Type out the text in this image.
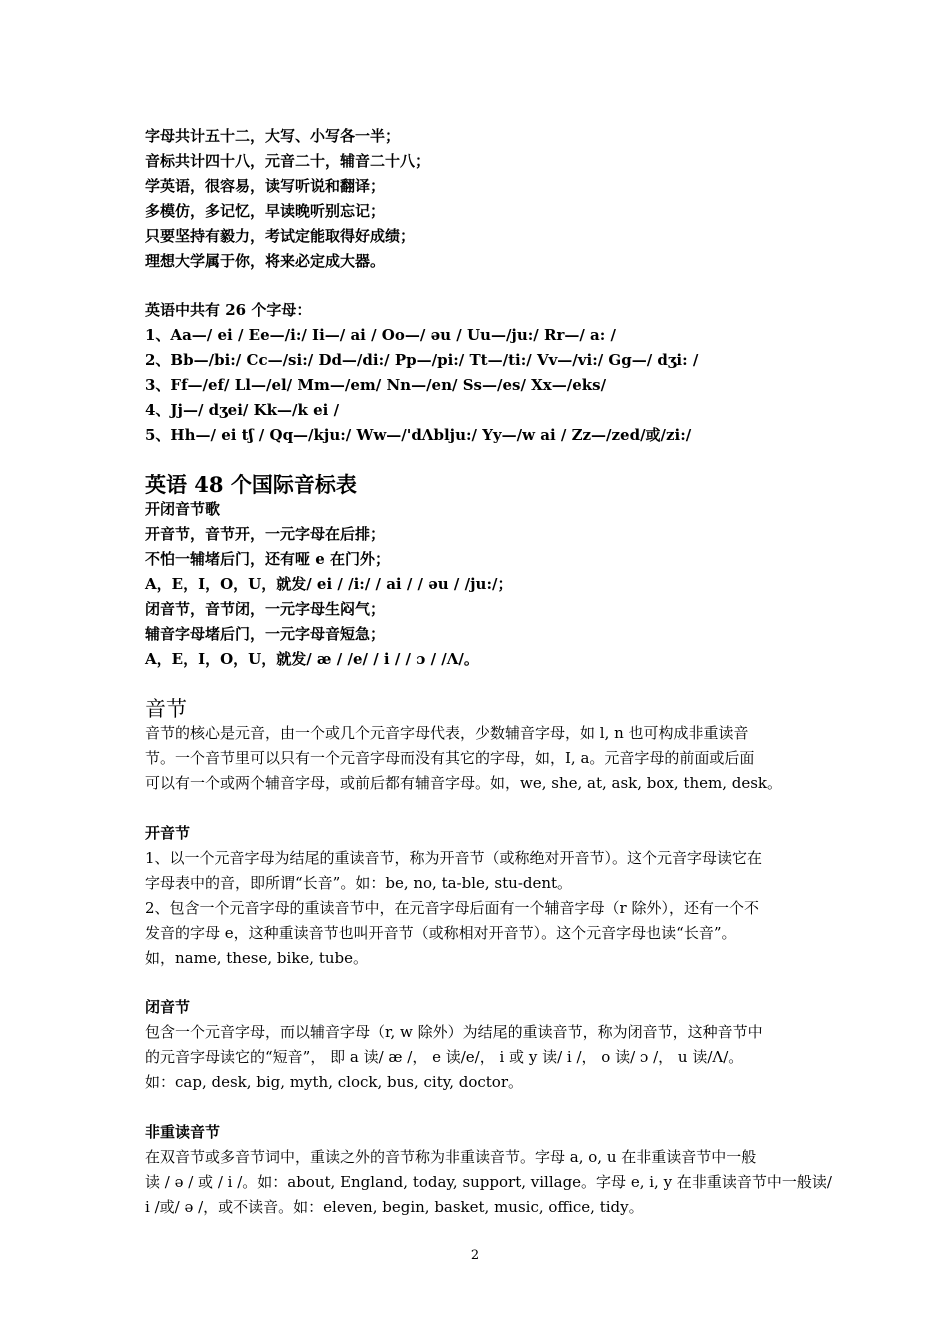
字母共计五十二，大写、小写各一半；
音标共计四十八，元音二十，辅音二十八；
学英语，很容易，读写听说和翻译；
多模仿，多记忆，早读晚听别忘记；
只要坚持有毅力，考试定能取得好成绩；
理想大学属于你，将来必定成大器。
英语中共有 26 个字母：
1、Aa—/ ei / Ee—/i:/ Ii—/ ai / Oo—/ əu / Uu—/ju:/ Rr—/ a: /
2、Bb—/bi:/ Cc—/si:/ Dd—/di:/ Pp—/pi:/ Tt—/ti:/ Vv—/vi:/ Gg—/ dʒi: /
3、Ff—/ef/ Ll—/el/ Mm—/em/ Nn—/en/ Ss—/es/ Xx—/eks/
4、Jj—/ dʒei/ Kk—/k ei /
5、Hh—/ ei tʃ / Qq—/kju:/ Ww—/'dΛblju:/ Yy—/w ai / Zz—/zed/或/zi:/
英语 48 个国际音标表
开闭音节歌
开音节，音节开，一元字母在后排；
不怕一辅堵后门，还有哑 e 在门外；
A，E，I，O，U，就发/ ei / /i:/ / ai / / əu / /ju:/；
闭音节，音节闭，一元字母生闷气；
辅音字母堵后门，一元字母音短急；
A，E，I，O，U，就发/ æ / /e/ / i / / ɔ / /Λ/。
音节
音节的核心是元音，由一个或几个元音字母代表，少数辅音字母，如 l, n 也可构成非重读音
节。一个音节里可以只有一个元音字母而没有其它的字母，如，I, a。元音字母的前面或后面
可以有一个或两个辅音字母，或前后都有辅音字母。如，we, she, at, ask, box, them, desk。
开音节
1、以一个元音字母为结尾的重读音节，称为开音节（或称绝对开音节）。这个元音字母读它在
字母表中的音，即所谓“长音”。如：be, no, ta-ble, stu-dent。
2、包含一个元音字母的重读音节中，在元音字母后面有一个辅音字母（r 除外），还有一个不
发音的字母 e，这种重读音节也叫开音节（或称相对开音节）。这个元音字母也读“长音”。
如，name, these, bike, tube。
闭音节
包含一个元音字母，而以辅音字母（r, w 除外）为结尾的重读音节，称为闭音节，这种音节中
的元音字母读它的“短音”， 即 a 读/ æ /， e 读/e/， i 或 y 读/ i /， o 读/ ɔ /， u 读/Λ/。
如：cap, desk, big, myth, clock, bus, city, doctor。
非重读音节
在双音节或多音节词中，重读之外的音节称为非重读音节。字母 a, o, u 在非重读音节中一般
读 / ə / 或 / i /。如：about, England, today, support, village。字母 e, i, y 在非重读音节中一般读/
i /或/ ə /，或不读音。如：eleven, begin, basket, music, office, tidy。
2
